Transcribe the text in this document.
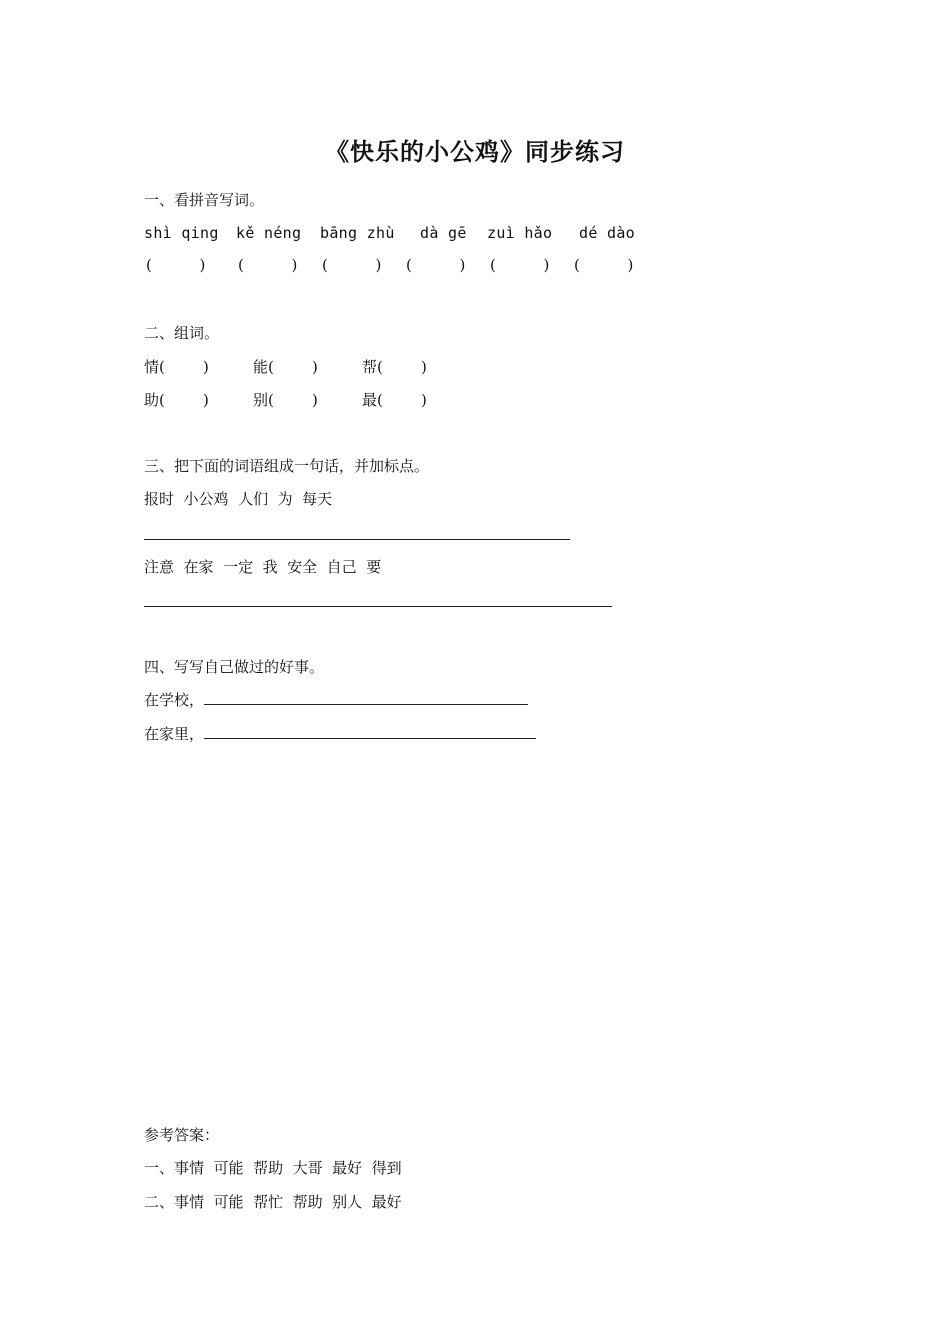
《快乐的小公鸡》同步练习
一、看拼音写词。
shì qing kě néng bāng zhù dà gē zuì hǎo dé dào
(          ) (          ) (          ) (          ) (          ) (          )
二、组词。
情(        )	能(        )	帮(        )
助(        )	别(        )	最(        )
三、把下面的词语组成一句话，并加标点。
报时  小公鸡  人们  为  每天
注意  在家  一定  我  安全  自己  要
四、写写自己做过的好事。
在学校，
在家里，
参考答案：
一、事情  可能  帮助  大哥  最好  得到
二、事情  可能  帮忙  帮助  别人  最好
